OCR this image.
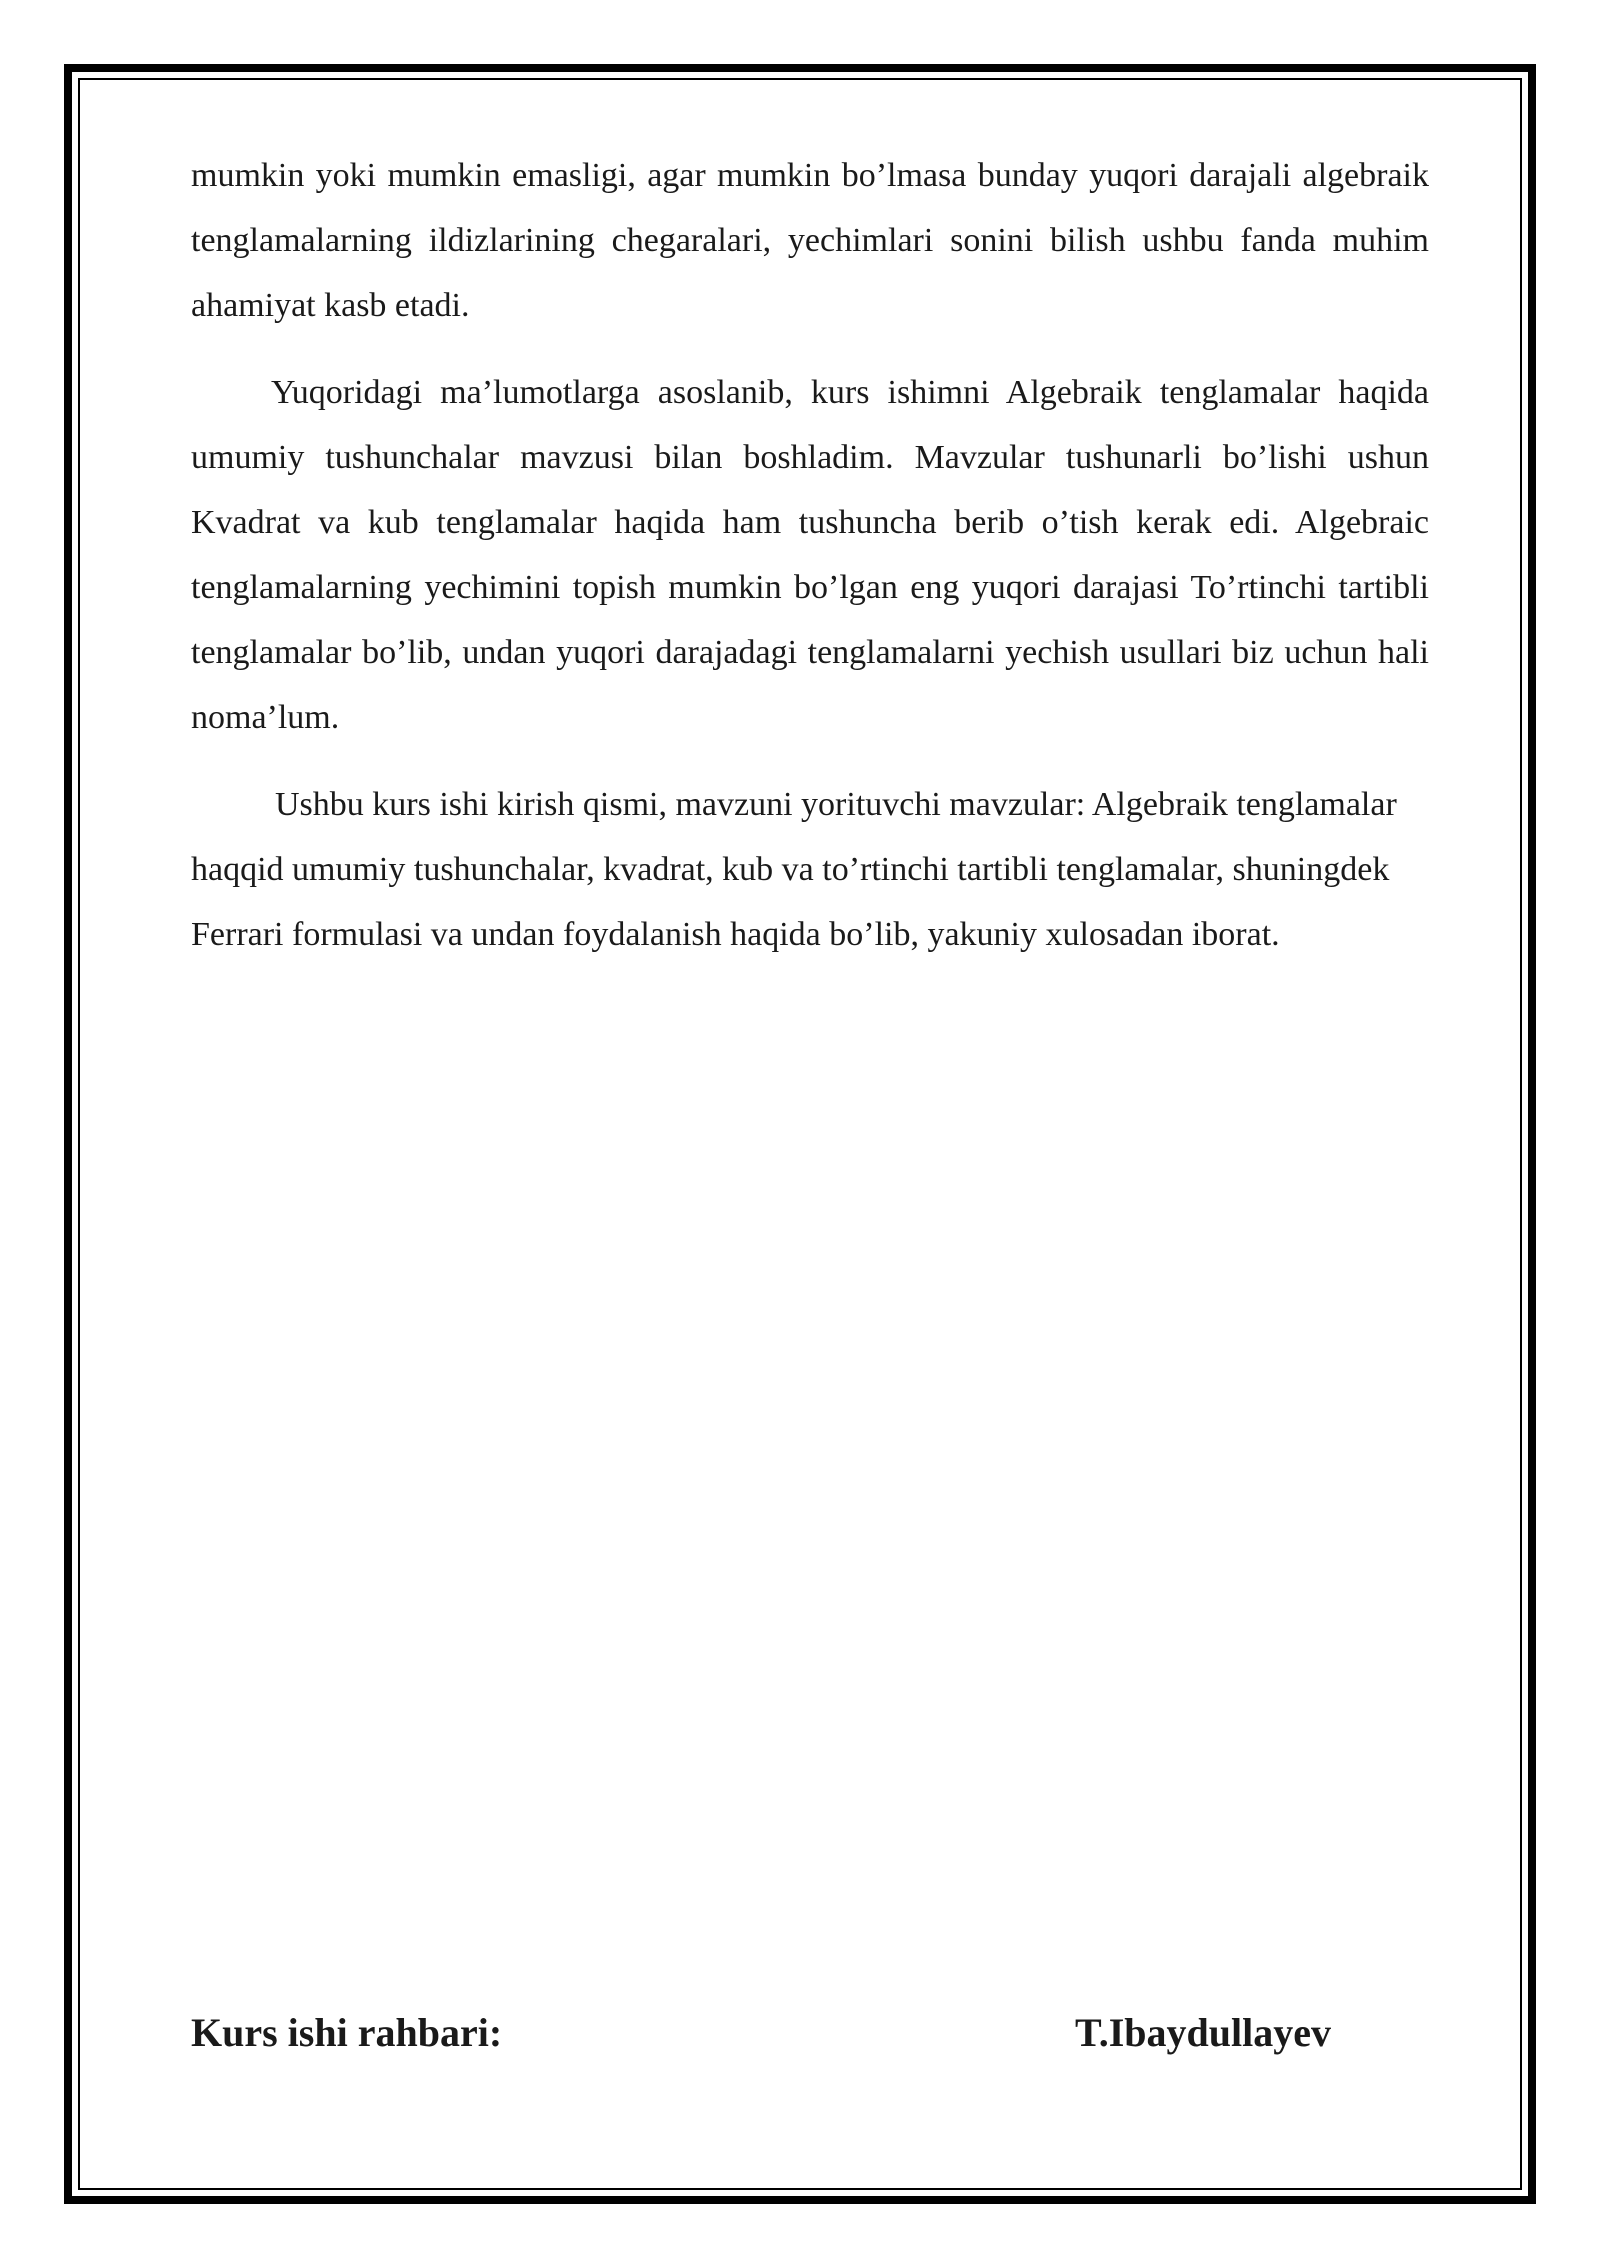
mumkin yoki mumkin emasligi, agar mumkin bo’lmasa bunday yuqori darajali algebraik tenglamalarning ildizlarining chegaralari, yechimlari sonini bilish ushbu fanda muhim ahamiyat kasb etadi.

Yuqoridagi ma’lumotlarga asoslanib, kurs ishimni Algebraik tenglamalar haqida umumiy tushunchalar mavzusi bilan boshladim. Mavzular tushunarli bo’lishi ushun Kvadrat va kub tenglamalar haqida ham tushuncha berib o’tish kerak edi. Algebraic tenglamalarning yechimini topish mumkin bo’lgan eng yuqori darajasi To’rtinchi tartibli tenglamalar bo’lib, undan yuqori darajadagi tenglamalarni yechish usullari biz uchun hali noma’lum.

Ushbu kurs ishi kirish qismi, mavzuni yorituvchi mavzular: Algebraik tenglamalar haqqid umumiy tushunchalar, kvadrat, kub va to’rtinchi tartibli tenglamalar, shuningdek Ferrari formulasi va undan foydalanish haqida bo’lib, yakuniy xulosadan iborat.

Kurs ishi rahbari:	T.Ibaydullayev
